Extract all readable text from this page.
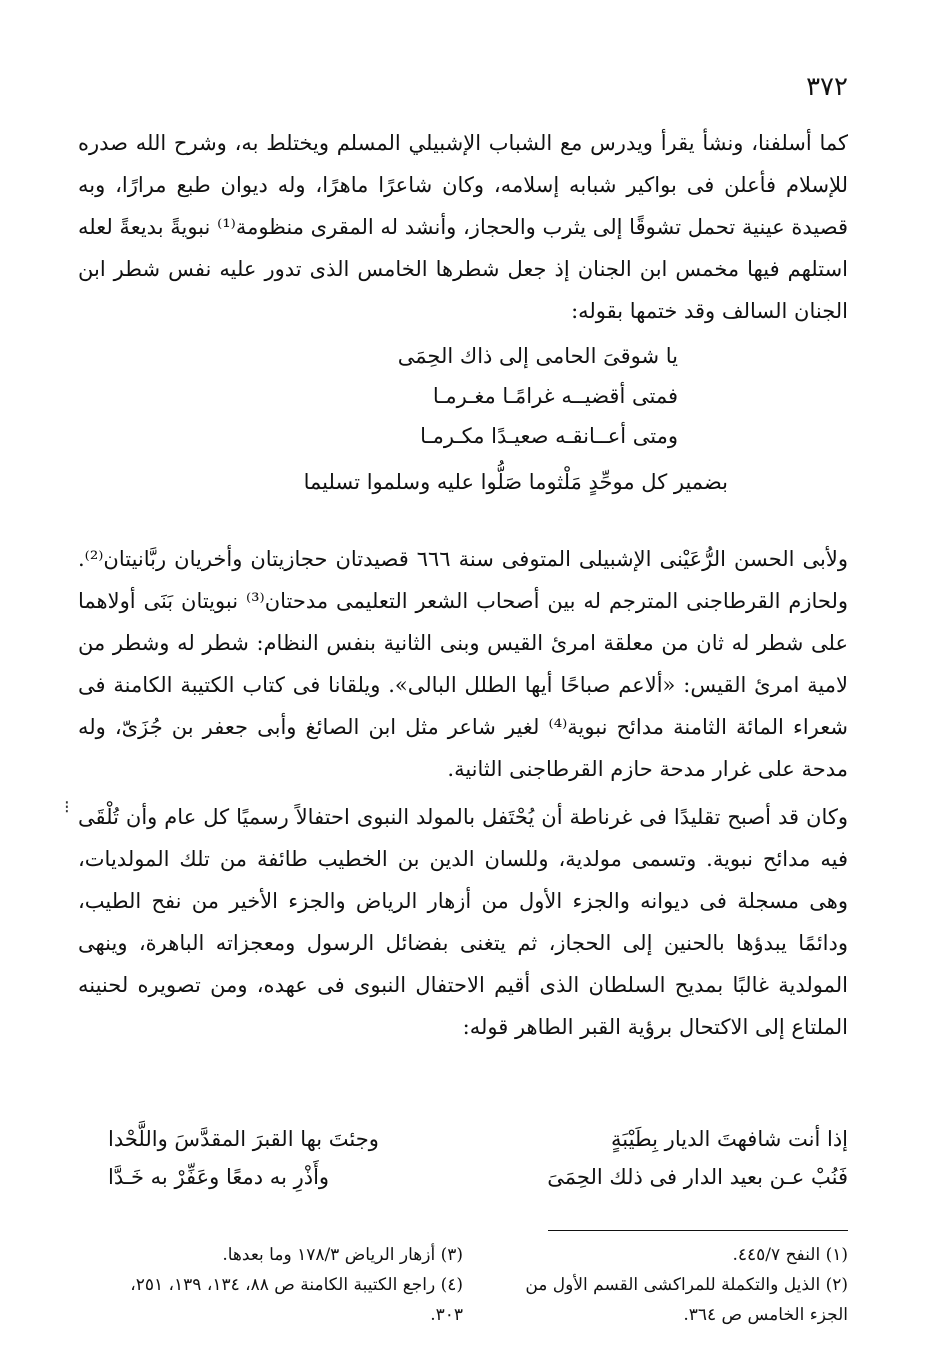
٣٧٢
كما أسلفنا، ونشأ يقرأ ويدرس مع الشباب الإشبيلي المسلم ويختلط به، وشرح الله صدره للإسلام فأعلن فى بواكير شبابه إسلامه، وكان شاعرًا ماهرًا، وله ديوان طبع مرارًا، وبه قصيدة عينية تحمل تشوقًا إلى يثرب والحجاز، وأنشد له المقرى منظومة⁽¹⁾ نبويةً بديعةً لعله استلهم فيها مخمس ابن الجنان إذ جعل شطرها الخامس الذى تدور عليه نفس شطر ابن الجنان السالف وقد ختمها بقوله:
يا شوقىَ الحامى إلى ذاك الحِمَى
فمتى أقضيــه غرامًـا مغـرمـا
ومتى أعــانقـه صعيـدًا مكـرمـا
بضمير كل موحِّدٍ مَلْثوما صَلُّوا عليه وسلموا تسليما
ولأبى الحسن الرُّعَيْنى الإشبيلى المتوفى سنة ٦٦٦ قصيدتان حجازيتان وأخريان ربَّانيتان⁽²⁾. ولحازم القرطاجنى المترجم له بين أصحاب الشعر التعليمى مدحتان⁽³⁾ نبويتان بَنَى أولاهما على شطر له ثان من معلقة امرئ القيس وبنى الثانية بنفس النظام: شطر له وشطر من لامية امرئ القيس: «ألاعم صباحًا أيها الطلل البالى». ويلقانا فى كتاب الكتيبة الكامنة فى شعراء المائة الثامنة مدائح نبوية⁽⁴⁾ لغير شاعر مثل ابن الصائغ وأبى جعفر بن جُزَىّ، وله مدحة على غرار مدحة حازم القرطاجنى الثانية.
وكان قد أصبح تقليدًا فى غرناطة أن يُحْتَفل بالمولد النبوى احتفالاً رسميًا كل عام وأن تُلْقَى فيه مدائح نبوية. وتسمى مولدية، وللسان الدين بن الخطيب طائفة من تلك المولديات، وهى مسجلة فى ديوانه والجزء الأول من أزهار الرياض والجزء الأخير من نفح الطيب، ودائمًا يبدؤها بالحنين إلى الحجاز، ثم يتغنى بفضائل الرسول ومعجزاته الباهرة، وينهى المولدية غالبًا بمديح السلطان الذى أقيم الاحتفال النبوى فى عهده، ومن تصويره لحنينه الملتاع إلى الاكتحال برؤية القبر الطاهر قوله:
إذا أنت شافهتَ الديار بِطَيْبَةٍ
وجئتَ بها القبرَ المقدَّسَ واللَّحْدا
فَنُبْ عـن بعيد الدار فى ذلك الحِمَىَ
وأَذْرِ به دمعًا وعَفِّرْ به خَـدَّا
(١) النفح ٤٤٥/٧.
(٢) الذيل والتكملة للمراكشى القسم الأول من الجزء الخامس ص ٣٦٤.
(٣) أزهار الرياض ١٧٨/٣ وما بعدها.
(٤) راجع الكتيبة الكامنة ص ٨٨، ١٣٤، ١٣٩، ٢٥١، ٣٠٣.
⁝
